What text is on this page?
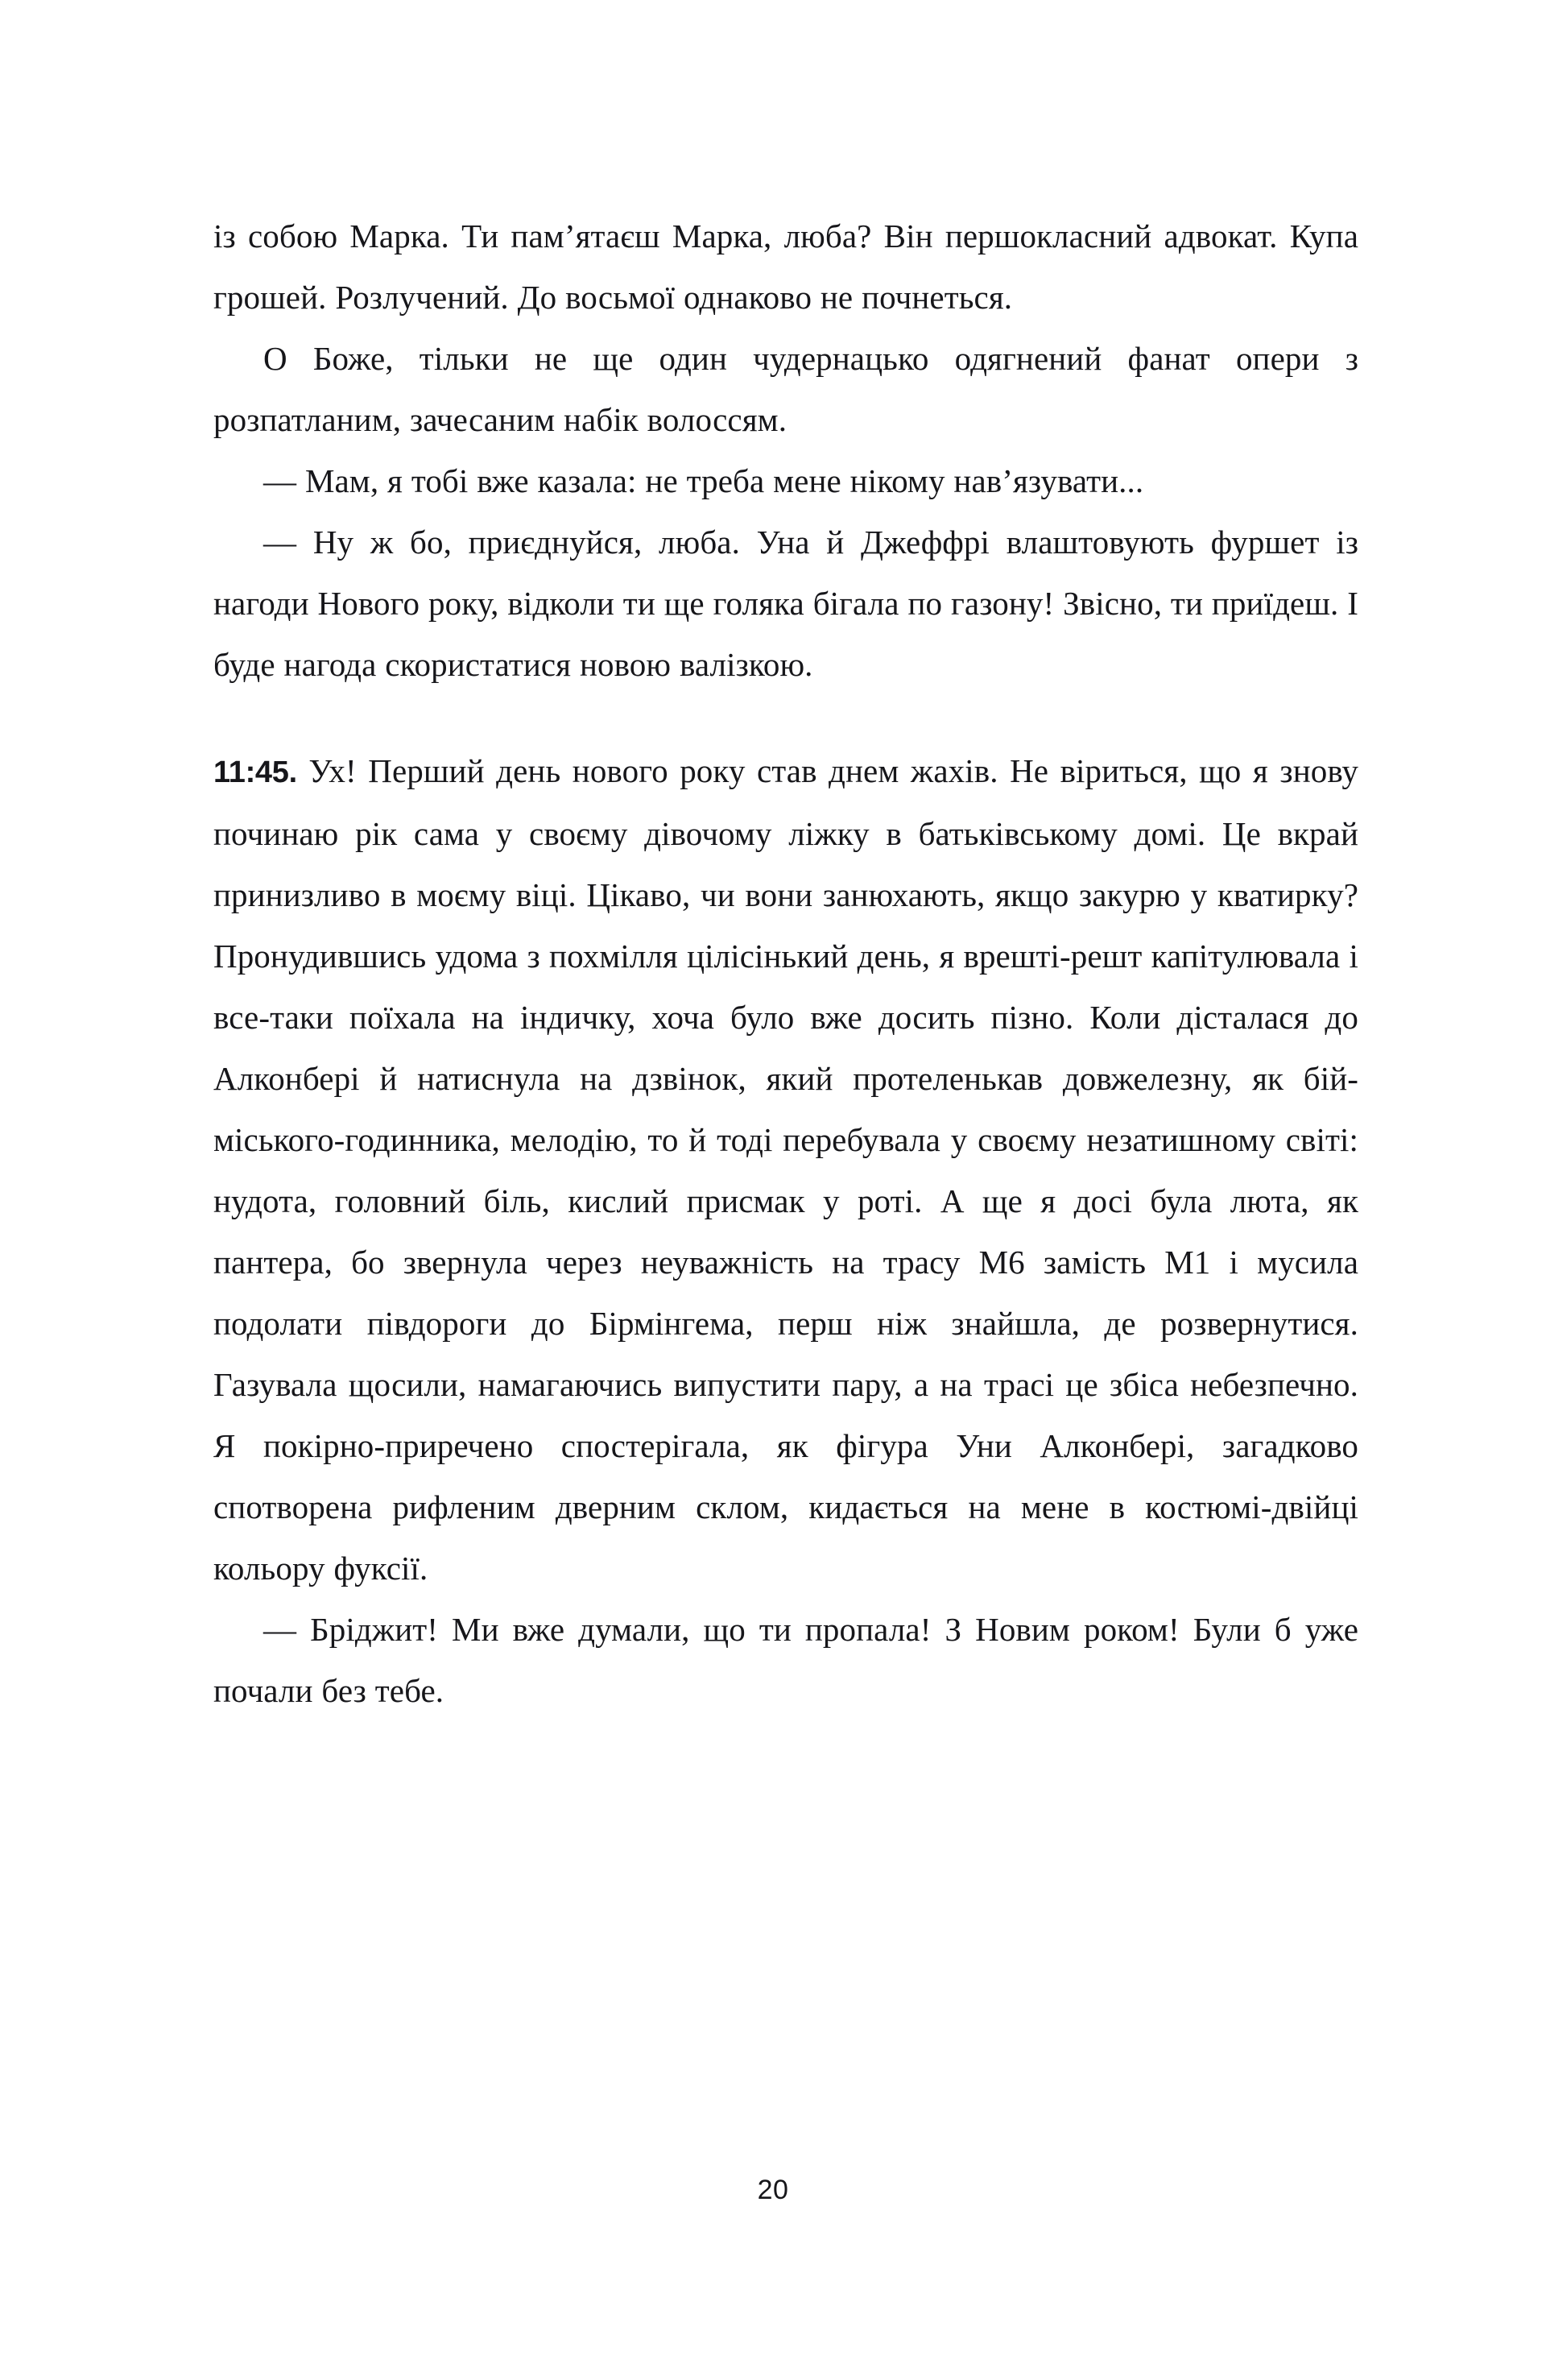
із собою Марка. Ти пам’ятаєш Марка, люба? Він першокласний адвокат. Купа грошей. Розлучений. До восьмої однаково не почнеться.

О Боже, тільки не ще один чудернацько одягнений фанат опери з розпатланим, зачесаним набік волоссям.

— Мам, я тобі вже казала: не треба мене нікому нав’язувати...

— Ну ж бо, приєднуйся, люба. Уна й Джеффрі влаштовують фуршет із нагоди Нового року, відколи ти ще голяка бігала по газону! Звісно, ти приїдеш. І буде нагода скористатися новою валізкою.

11:45. Ух! Перший день нового року став днем жахів. Не віриться, що я знову починаю рік сама у своєму дівочому ліжку в батьківському домі. Це вкрай принизливо в моєму віці. Цікаво, чи вони занюхають, якщо закурю у кватирку? Пронудившись удома з похмілля цілісінький день, я врешті-решт капітулювала і все-таки поїхала на індичку, хоча було вже досить пізно. Коли дісталася до Алконбері й натиснула на дзвінок, який протеленькав довжелезну, як бій-міського-годинника, мелодію, то й тоді перебувала у своєму незатишному світі: нудота, головний біль, кислий присмак у роті. А ще я досі була люта, як пантера, бо звернула через неуважність на трасу М6 замість М1 і мусила подолати півдороги до Бірмінгема, перш ніж знайшла, де розвернутися. Газувала щосили, намагаючись випустити пару, а на трасі це збіса небезпечно. Я покірно-приречено спостерігала, як фігура Уни Алконбері, загадково спотворена рифленим дверним склом, кидається на мене в костюмі-двійці кольору фуксії.

— Бріджит! Ми вже думали, що ти пропала! З Новим роком! Були б уже почали без тебе.

20
